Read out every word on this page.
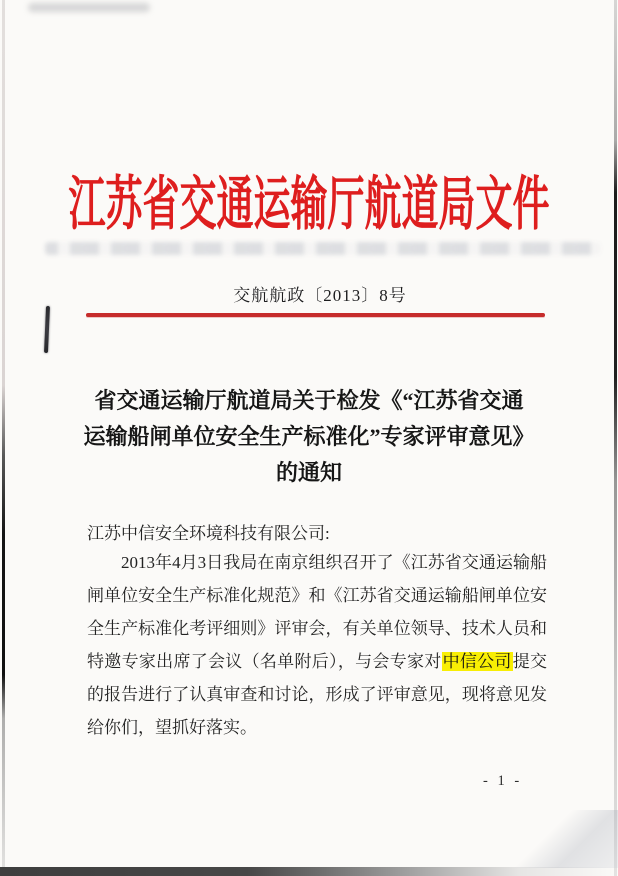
江苏省交通运输厅航道局文件
交航航政〔2013〕8号
省交通运输厅航道局关于检发《“江苏省交通
运输船闸单位安全生产标准化”专家评审意见》
的通知
江苏中信安全环境科技有限公司:

2013年4月3日我局在南京组织召开了《江苏省交通运输船闸单位安全生产标准化规范》和《江苏省交通运输船闸单位安全生产标准化考评细则》评审会，有关单位领导、技术人员和特邀专家出席了会议（名单附后），与会专家对中信公司提交的报告进行了认真审查和讨论，形成了评审意见，现将意见发给你们，望抓好落实。

- 1 -
